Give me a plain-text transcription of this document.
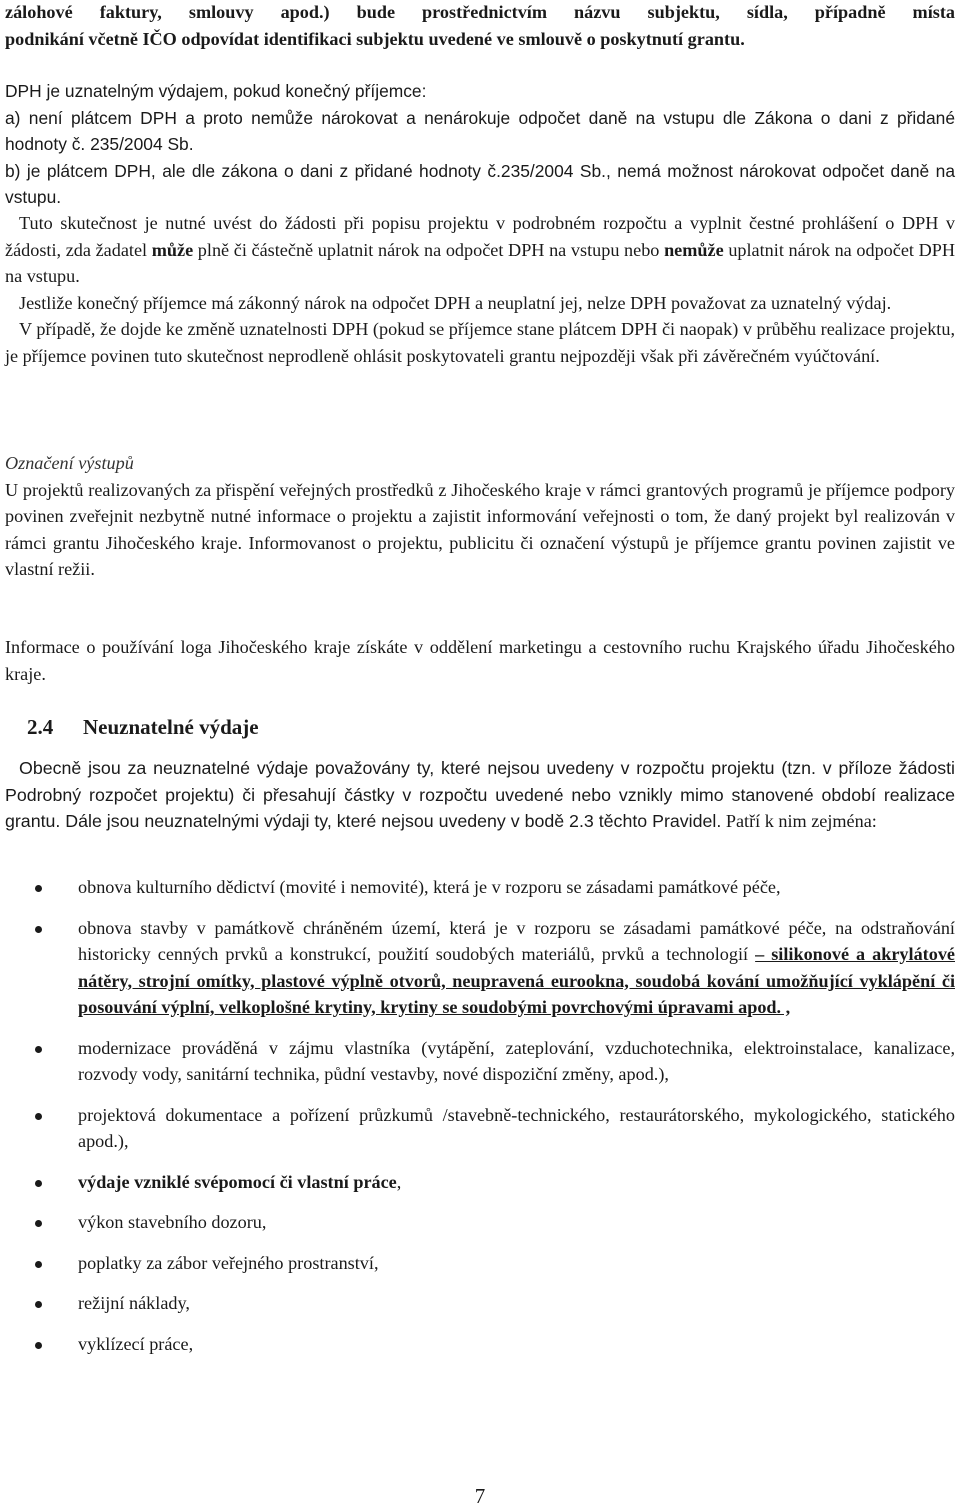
zálohové faktury, smlouvy apod.) bude prostřednictvím názvu subjektu, sídla, případně místa
podnikání včetně IČO odpovídat identifikaci subjektu uvedené ve smlouvě o poskytnutí grantu.

DPH je uznatelným výdajem, pokud konečný příjemce:

a) není plátcem DPH a proto nemůže nárokovat a nenárokuje odpočet daně na vstupu dle Zákona o dani z přidané hodnoty č. 235/2004 Sb.

b) je plátcem DPH, ale dle zákona o dani z přidané hodnoty č.235/2004 Sb., nemá možnost nárokovat odpočet daně na vstupu.

Tuto skutečnost je nutné uvést do žádosti při popisu projektu v podrobném rozpočtu a vyplnit čestné prohlášení o DPH v žádosti, zda žadatel může plně či částečně uplatnit nárok na odpočet DPH na vstupu nebo nemůže uplatnit nárok na odpočet DPH na vstupu.

Jestliže konečný příjemce má zákonný nárok na odpočet DPH a neuplatní jej, nelze DPH považovat za uznatelný výdaj.

V případě, že dojde ke změně uznatelnosti DPH (pokud se příjemce stane plátcem DPH či naopak) v průběhu realizace projektu, je příjemce povinen tuto skutečnost neprodleně ohlásit poskytovateli grantu nejpozději však při závěrečném vyúčtování.

Označení výstupů

U projektů realizovaných za přispění veřejných prostředků z Jihočeského kraje v rámci grantových programů je příjemce podpory povinen zveřejnit nezbytně nutné informace o projektu a zajistit informování veřejnosti o tom, že daný projekt byl realizován v rámci grantu Jihočeského kraje. Informovanost o projektu, publicitu či označení výstupů je příjemce grantu povinen zajistit ve vlastní režii.

Informace o používání loga Jihočeského kraje získáte v oddělení marketingu a cestovního ruchu Krajského úřadu Jihočeského kraje.

2.4 Neuznatelné výdaje

Obecně jsou za neuznatelné výdaje považovány ty, které nejsou uvedeny v rozpočtu projektu (tzn. v příloze žádosti Podrobný rozpočet projektu) či přesahují částky v rozpočtu uvedené nebo vznikly mimo stanovené období realizace grantu. Dále jsou neuznatelnými výdaji ty, které nejsou uvedeny v bodě 2.3 těchto Pravidel. Patří k nim zejména:

obnova kulturního dědictví (movité i nemovité), která je v rozporu se zásadami památkové péče,

obnova stavby v památkově chráněném území, která je v rozporu se zásadami památkové péče, na odstraňování historicky cenných prvků a konstrukcí, použití soudobých materiálů, prvků a technologií – silikonové a akrylátové nátěry, strojní omítky, plastové výplně otvorů, neupravená eurookna, soudobá kování umožňující vyklápění či posouvání výplní, velkoplošné krytiny, krytiny se soudobými povrchovými úpravami apod. ,

modernizace prováděná v zájmu vlastníka (vytápění, zateplování, vzduchotechnika, elektroinstalace, kanalizace, rozvody vody, sanitární technika, půdní vestavby, nové dispoziční změny, apod.),

projektová dokumentace a pořízení průzkumů /stavebně-technického, restaurátorského, mykologického, statického apod.),

výdaje vzniklé svépomocí či vlastní práce,

výkon stavebního dozoru,

poplatky za zábor veřejného prostranství,

režijní náklady,

vyklízecí práce,

7
